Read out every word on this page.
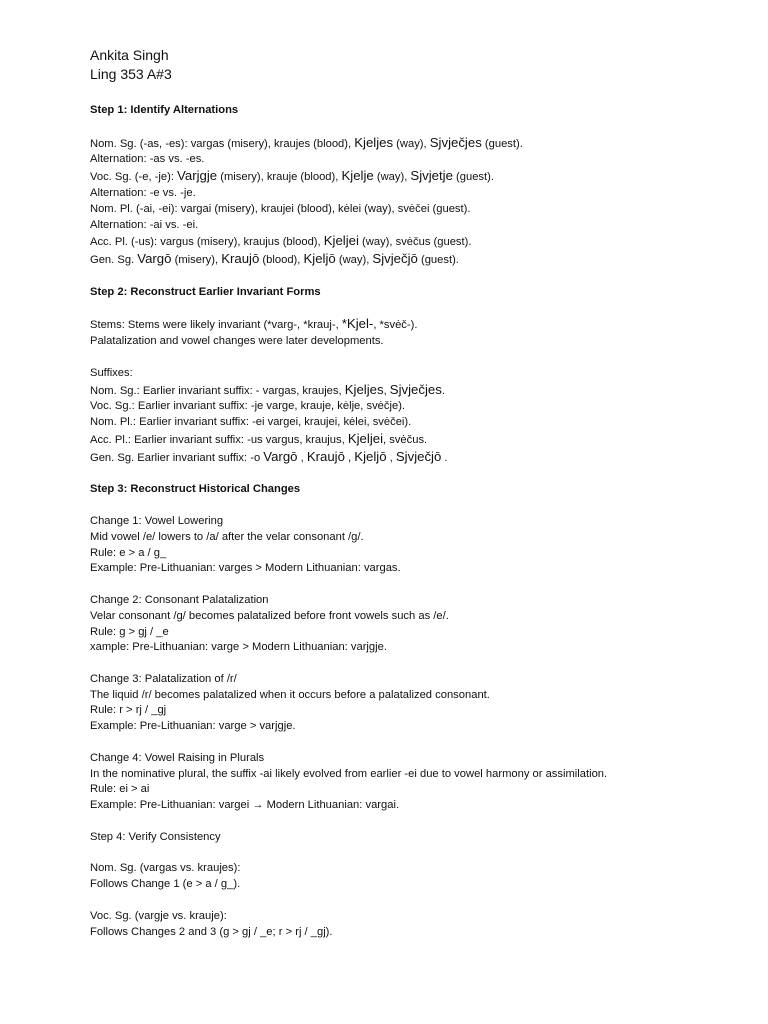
Ankita Singh
Ling 353 A#3
Step 1: Identify Alternations
Nom. Sg. (-as, -es): vargas (misery), kraujes (blood), Kjeljes (way), Sjvječjes (guest).
Alternation: -as vs. -es.
Voc. Sg. (-e, -je): Varjgje (misery), krauje (blood), Kjelje (way), Sjvjetje (guest).
Alternation: -e vs. -je.
Nom. Pl. (-ai, -ei): vargai (misery), kraujei (blood), kėlei (way), svėčei (guest).
Alternation: -ai vs. -ei.
Acc. Pl. (-us): vargus (misery), kraujus (blood), Kjeljei (way), svėčus (guest).
Gen. Sg. Vargō (misery), Kraujō (blood), Kjeljō (way), Sjvječjō (guest).
Step 2: Reconstruct Earlier Invariant Forms
Stems: Stems were likely invariant (*varg-, *krauj-, *Kjel-, *svėč-).
Palatalization and vowel changes were later developments.
Suffixes:
Nom. Sg.: Earlier invariant suffix: - vargas, kraujes, Kjeljes, Sjvječjes.
Voc. Sg.: Earlier invariant suffix: -je varge, krauje, kėlje, svėčje).
Nom. Pl.: Earlier invariant suffix: -ei vargei, kraujei, kėlei, svėčei).
Acc. Pl.: Earlier invariant suffix: -us vargus, kraujus, Kjeljei, svėčus.
Gen. Sg. Earlier invariant suffix: -o Vargō , Kraujō , Kjeljō , Sjvječjō .
Step 3: Reconstruct Historical Changes
Change 1: Vowel Lowering
Mid vowel /e/ lowers to /a/ after the velar consonant /g/.
Rule: e > a / g_
Example: Pre-Lithuanian: varges > Modern Lithuanian: vargas.
Change 2: Consonant Palatalization
Velar consonant /g/ becomes palatalized before front vowels such as /e/.
Rule: g > gj / _e
xample: Pre-Lithuanian: varge > Modern Lithuanian: varjgje.
Change 3: Palatalization of /r/
The liquid /r/ becomes palatalized when it occurs before a palatalized consonant.
Rule: r > rj / _gj
Example: Pre-Lithuanian: varge > varjgje.
Change 4: Vowel Raising in Plurals
In the nominative plural, the suffix -ai likely evolved from earlier -ei due to vowel harmony or assimilation.
Rule: ei > ai
Example: Pre-Lithuanian: vargei → Modern Lithuanian: vargai.
Step 4: Verify Consistency
Nom. Sg. (vargas vs. kraujes):
Follows Change 1 (e > a / g_).
Voc. Sg. (vargje vs. krauje):
Follows Changes 2 and 3 (g > gj / _e; r > rj / _gj).
